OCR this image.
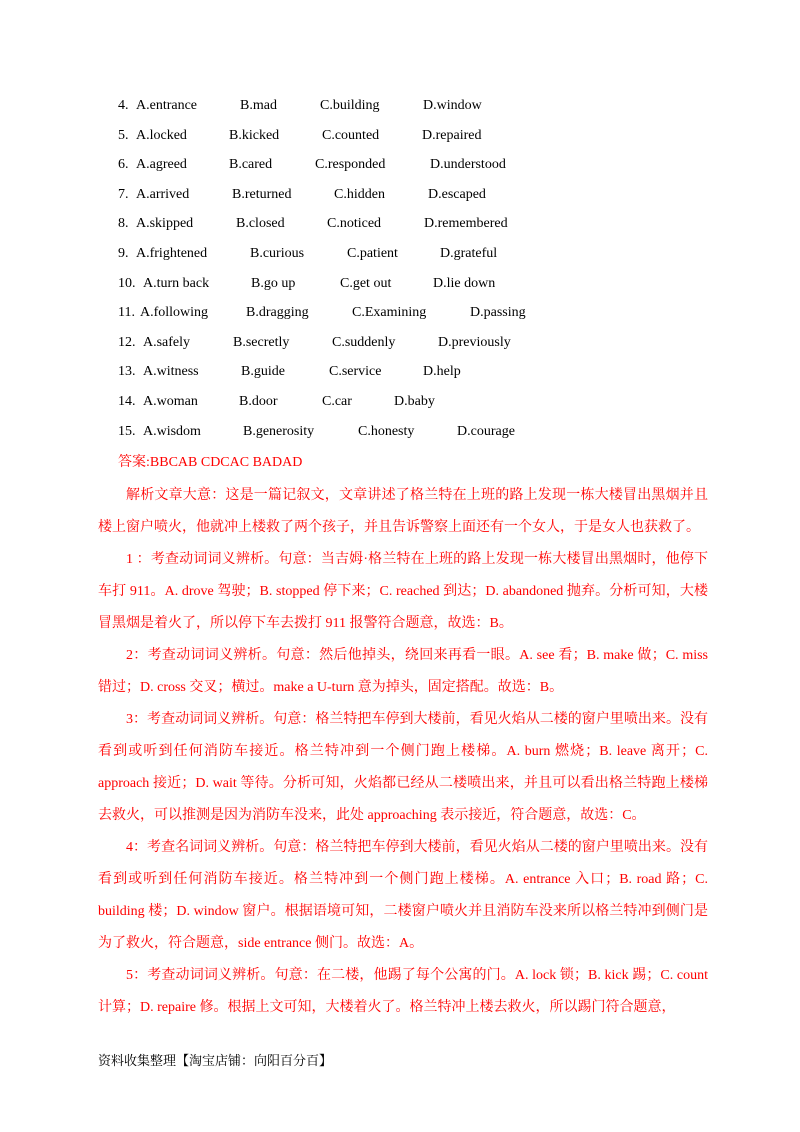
4. A.entrance	B.mad	C.building	D.window
5. A.locked	B.kicked	C.counted	D.repaired
6. A.agreed	B.cared	C.responded	D.understood
7. A.arrived	B.returned	C.hidden	D.escaped
8. A.skipped	B.closed	C.noticed	D.remembered
9. A.frightened	B.curious	C.patient	D.grateful
10. A.turn back	B.go up	C.get out	D.lie down
11. A.following	B.dragging	C.Examining	D.passing
12. A.safely	B.secretly	C.suddenly	D.previously
13. A.witness	B.guide	C.service	D.help
14. A.woman	B.door	C.car	D.baby
15. A.wisdom	B.generosity	C.honesty	D.courage
答案:BBCAB CDCAC BADAD

解析文章大意：这是一篇记叙文，文章讲述了格兰特在上班的路上发现一栋大楼冒出黑烟并且楼上窗户喷火，他就冲上楼救了两个孩子，并且告诉警察上面还有一个女人，于是女人也获救了。

1 ：考查动词词义辨析。句意：当吉姆·格兰特在上班的路上发现一栋大楼冒出黑烟时，他停下车打 911。A. drove 驾驶；B. stopped 停下来；C. reached 到达；D. abandoned 抛弃。分析可知，大楼冒黑烟是着火了，所以停下车去拨打 911 报警符合题意，故选：B。

2：考查动词词义辨析。句意：然后他掉头，绕回来再看一眼。A. see 看；B. make 做；C. miss 错过；D. cross 交叉；横过。make a U-turn 意为掉头，固定搭配。故选：B。

3：考查动词词义辨析。句意：格兰特把车停到大楼前，看见火焰从二楼的窗户里喷出来。没有看到或听到任何消防车接近。格兰特冲到一个侧门跑上楼梯。A. burn 燃烧；B. leave 离开；C. approach 接近；D. wait 等待。分析可知，火焰都已经从二楼喷出来，并且可以看出格兰特跑上楼梯去救火，可以推测是因为消防车没来，此处 approaching 表示接近，符合题意，故选：C。

4：考查名词词义辨析。句意：格兰特把车停到大楼前，看见火焰从二楼的窗户里喷出来。没有看到或听到任何消防车接近。格兰特冲到一个侧门跑上楼梯。A. entrance 入口；B. road 路；C. building 楼；D. window 窗户。根据语境可知，二楼窗户喷火并且消防车没来所以格兰特冲到侧门是为了救火，符合题意，side entrance 侧门。故选：A。

5：考查动词词义辨析。句意：在二楼，他踢了每个公寓的门。A. lock 锁；B. kick 踢；C. count 计算；D. repaire 修。根据上文可知，大楼着火了。格兰特冲上楼去救火，所以踢门符合题意，

资料收集整理【淘宝店铺：向阳百分百】
